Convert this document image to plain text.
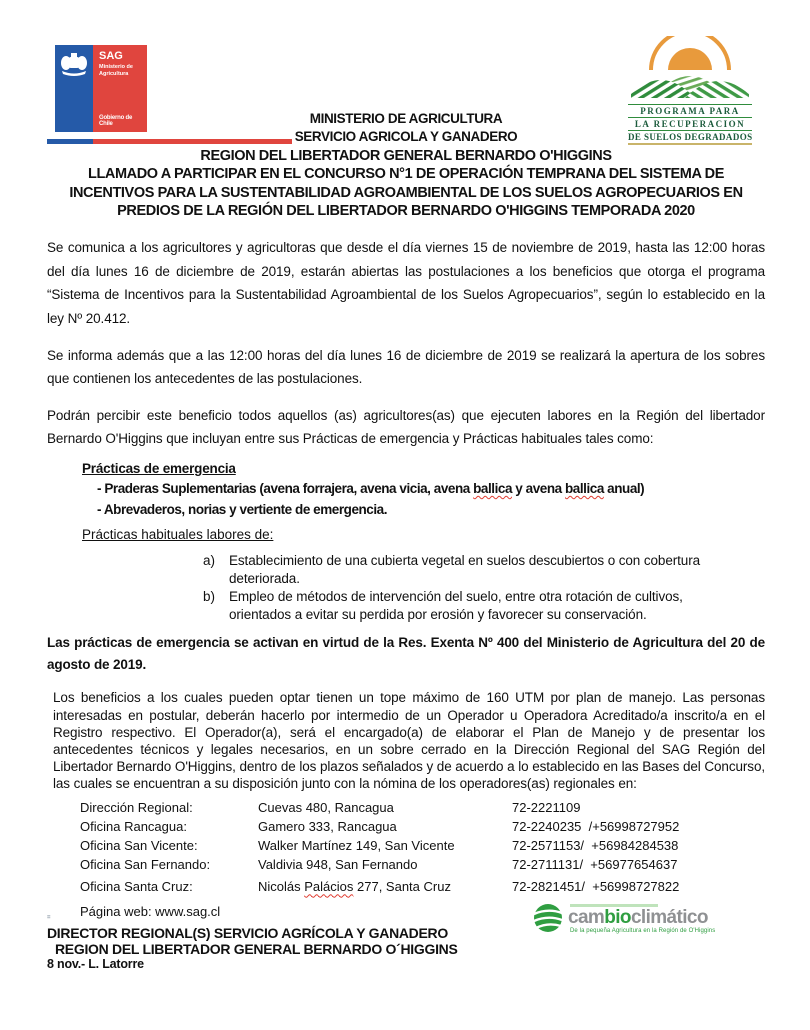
SAG
Ministerio de
Agricultura
Gobierno de Chile
PROGRAMA PARA
LA RECUPERACION
DE SUELOS DEGRADADOS
MINISTERIO DE AGRICULTURA
SERVICIO AGRICOLA Y GANADERO
REGION DEL LIBERTADOR GENERAL BERNARDO O'HIGGINS
LLAMADO A PARTICIPAR EN EL CONCURSO N°1 DE OPERACIÓN TEMPRANA DEL SISTEMA DE
INCENTIVOS PARA LA SUSTENTABILIDAD AGROAMBIENTAL DE LOS SUELOS AGROPECUARIOS EN
PREDIOS DE LA REGIÓN DEL LIBERTADOR BERNARDO O'HIGGINS TEMPORADA 2020

Se comunica a los agricultores y agricultoras que desde el día viernes 15 de noviembre de 2019, hasta las 12:00 horas del día lunes 16 de diciembre de 2019, estarán abiertas las postulaciones a los beneficios que otorga el programa “Sistema de Incentivos para la Sustentabilidad Agroambiental de los Suelos Agropecuarios”, según lo establecido en la ley Nº 20.412.

Se informa además que a las 12:00 horas del día lunes 16 de diciembre de 2019 se realizará la apertura de los sobres que contienen los antecedentes de las postulaciones.

Podrán percibir este beneficio todos aquellos (as) agricultores(as) que ejecuten labores en la Región del libertador Bernardo O'Higgins que incluyan entre sus Prácticas de emergencia y Prácticas habituales tales como:

Prácticas de emergencia
- Praderas Suplementarias (avena forrajera, avena vicia, avena ballica y avena ballica anual)
- Abrevaderos, norias y vertiente de emergencia.
Prácticas habituales labores de:
a)	Establecimiento de una cubierta vegetal en suelos descubiertos o con cobertura deteriorada.
b)	Empleo de métodos de intervención del suelo, entre otra rotación de cultivos, orientados a evitar su perdida por erosión y favorecer su conservación.

Las prácticas de emergencia se activan en virtud de la Res. Exenta Nº 400 del Ministerio de Agricultura del 20 de agosto de 2019.

Los beneficios a los cuales pueden optar tienen un tope máximo de 160 UTM por plan de manejo. Las personas interesadas en postular, deberán hacerlo por intermedio de un Operador u Operadora Acreditado/a inscrito/a en el Registro respectivo. El Operador(a), será el encargado(a) de elaborar el Plan de Manejo y de presentar los antecedentes técnicos y legales necesarios, en un sobre cerrado en la Dirección Regional del SAG Región del Libertador Bernardo O'Higgins, dentro de los plazos señalados y de acuerdo a lo establecido en las Bases del Concurso, las cuales se encuentran a su disposición junto con la nómina de los operadores(as) regionales en:

Dirección Regional:	Cuevas 480, Rancagua	72-2221109
Oficina Rancagua:	Gamero 333, Rancagua	72-2240235  /+56998727952
Oficina San Vicente:	Walker Martínez 149, San Vicente	72-2571153/  +56984284538
Oficina San Fernando:	Valdivia 948, San Fernando	72-2711131/  +56977654637
Oficina Santa Cruz:	Nicolás Palácios 277, Santa Cruz	72-2821451/  +56998727822
Página web: www.sag.cl
DIRECTOR REGIONAL(S) SERVICIO AGRÍCOLA Y GANADERO
REGION DEL LIBERTADOR GENERAL BERNARDO O´HIGGINS
8 nov.- L. Latorre
=	cambioclimático
De la pequeña Agricultura en la Región de O'Higgins
